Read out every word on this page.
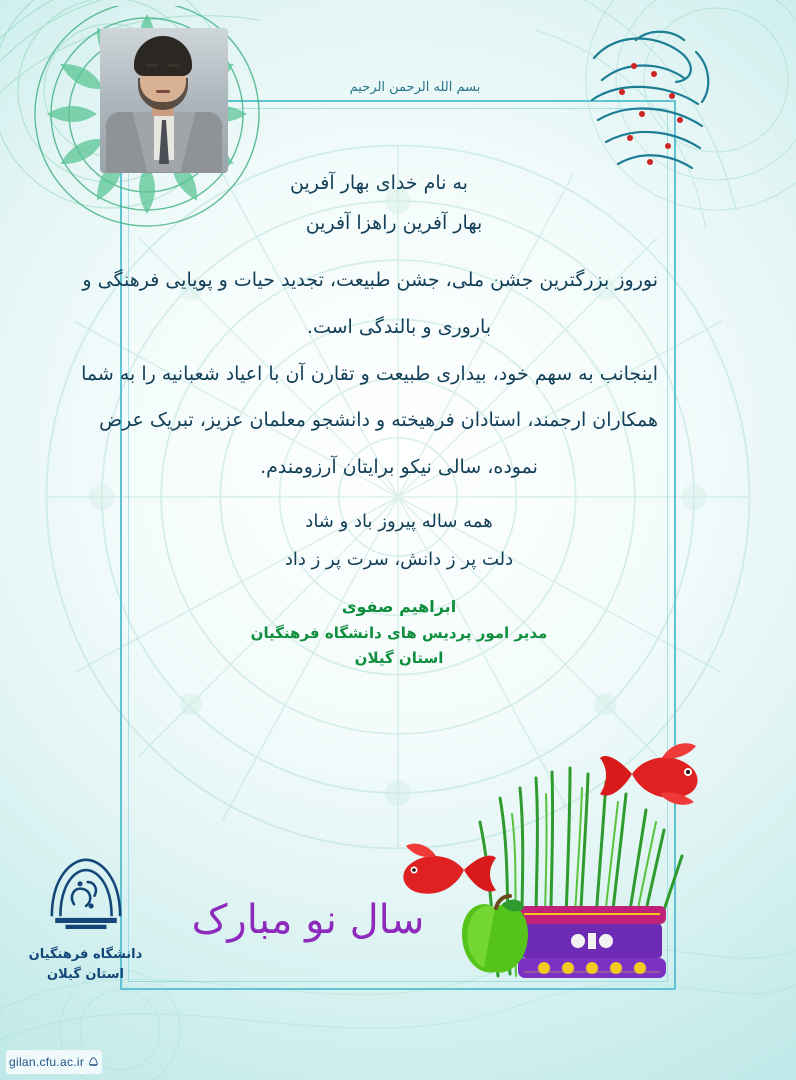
بسم الله الرحمن الرحیم

به نام خدای بهار آفرین

بهار آفرین راهزا آفرین

نوروز بزرگترین جشن ملی، جشن طبیعت، تجدید حیات و پویایی فرهنگی و

باروری و بالندگی است.

اینجانب به سهم خود، بیداری طبیعت و تقارن آن با اعیاد شعبانیه را به شما

همکاران ارجمند، استادان فرهیخته و دانشجو معلمان عزیز، تبریک عرض

نموده، سالی نیکو برایتان آرزومندم.

همه ساله پیروز باد و شاد

دلت پر ز دانش، سرت پر ز داد

ابراهیم صفوی
مدیر امور پردیس های دانشگاه فرهنگیان
استان گیلان
دانشگاه فرهنگیان
استان گیلان
سال نو مبارک
gilan.cfu.ac.ir
